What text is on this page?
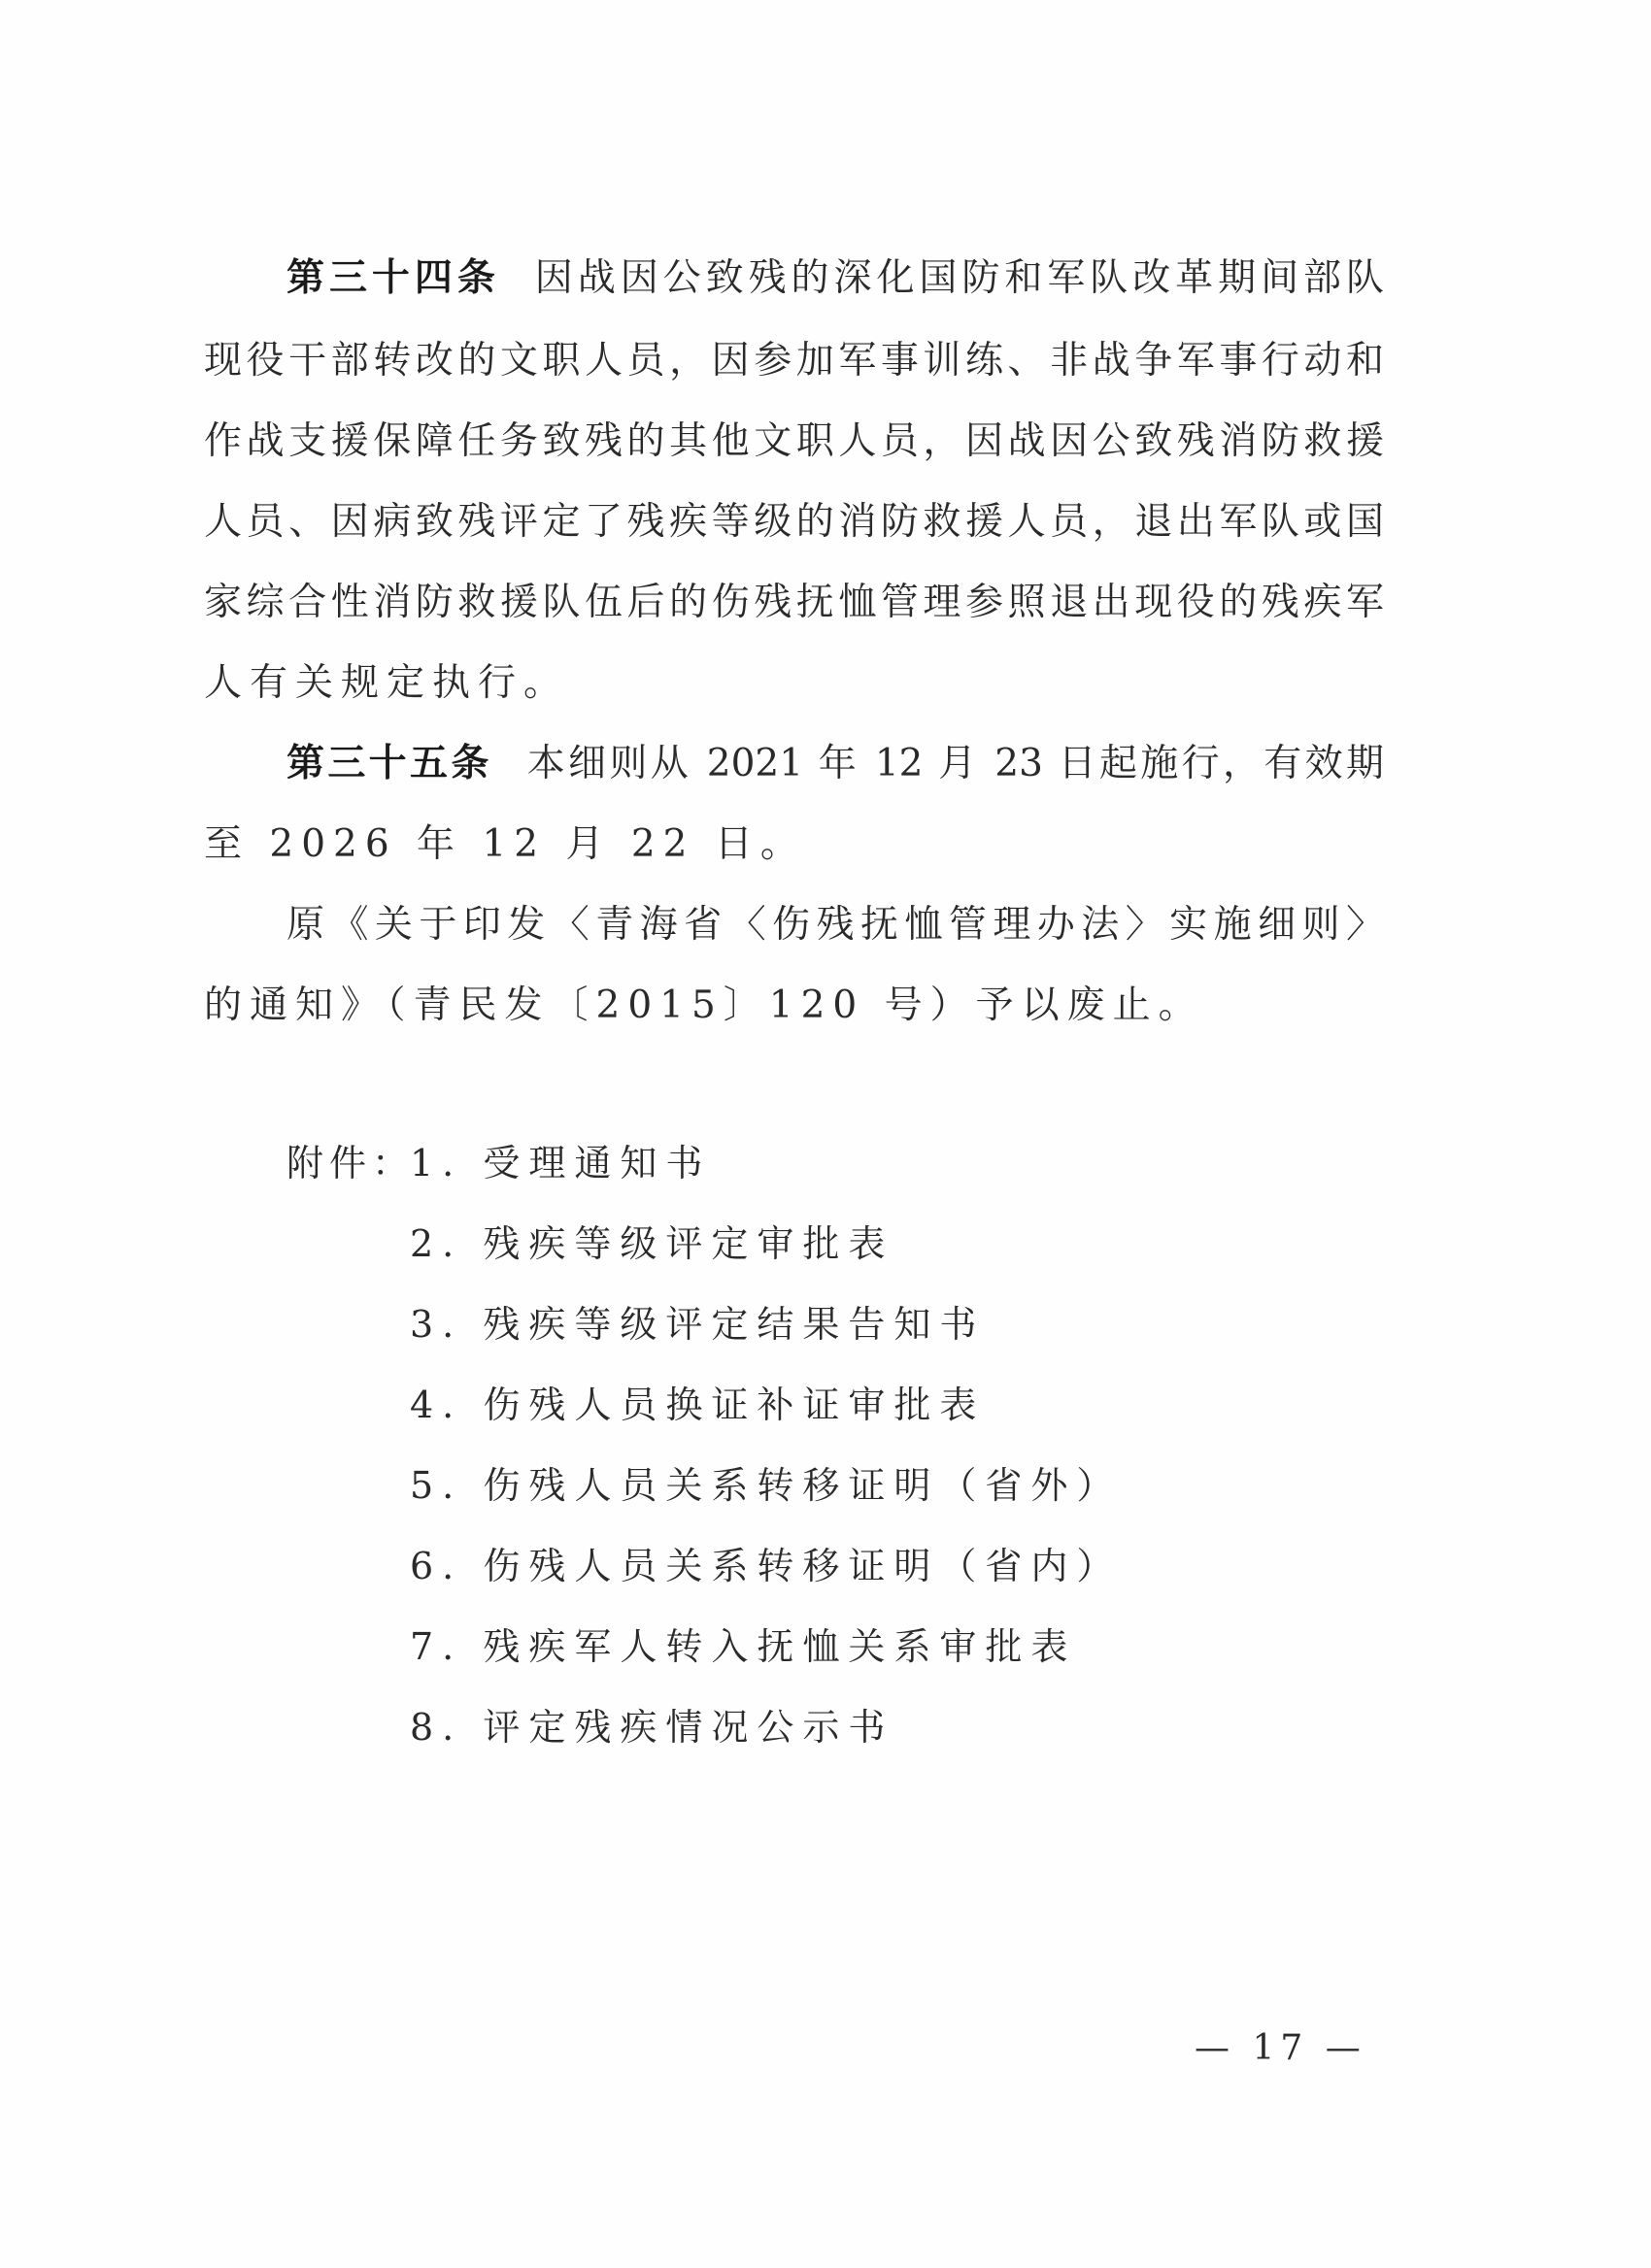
第三十四条 因战因公致残的深化国防和军队改革期间部队
现役干部转改的文职人员，因参加军事训练、非战争军事行动和
作战支援保障任务致残的其他文职人员，因战因公致残消防救援
人员、因病致残评定了残疾等级的消防救援人员，退出军队或国
家综合性消防救援队伍后的伤残抚恤管理参照退出现役的残疾军
人有关规定执行。
第三十五条 本细则从 2021 年 12 月 23 日起施行，有效期
至 2026 年 12 月 22 日。
原《关于印发〈青海省〈伤残抚恤管理办法〉实施细则〉
的通知》（青民发〔2015〕120 号）予以废止。
附件：
1. 受理通知书
2. 残疾等级评定审批表
3. 残疾等级评定结果告知书
4. 伤残人员换证补证审批表
5. 伤残人员关系转移证明（省外）
6. 伤残人员关系转移证明（省内）
7. 残疾军人转入抚恤关系审批表
8. 评定残疾情况公示书
— 17 —
